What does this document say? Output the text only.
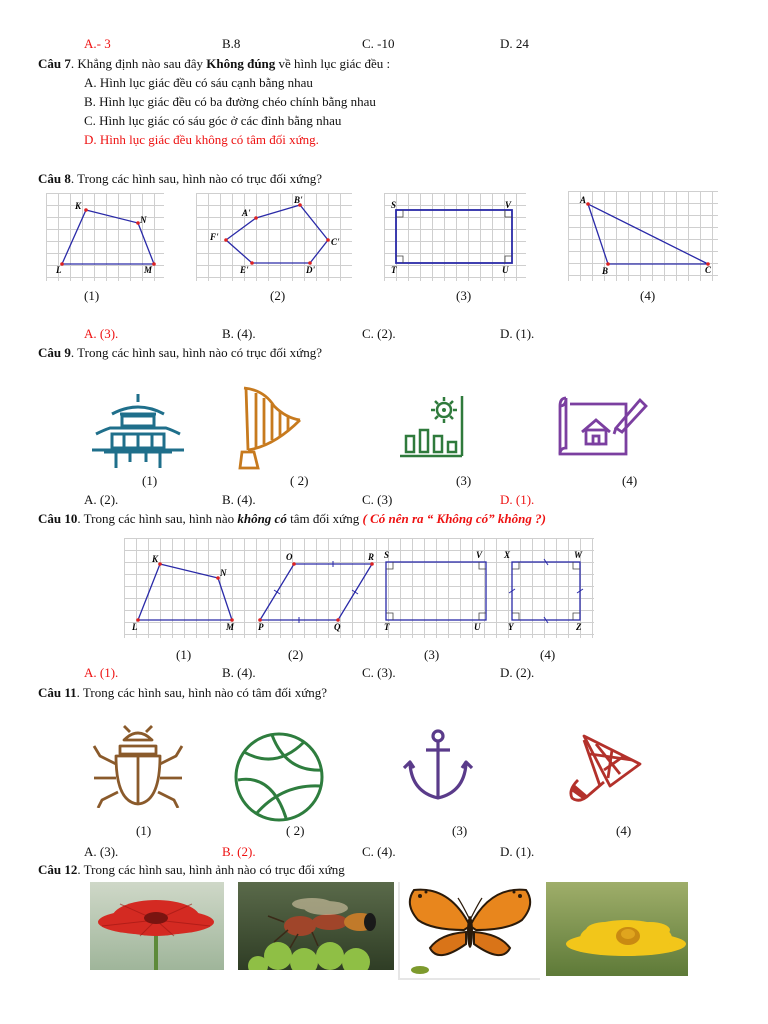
A.- 3	B.8	C. -10	D. 24
Câu 7. Khẳng định nào sau đây Không đúng về hình lục giác đều :
A. Hình lục giác đều có sáu cạnh bằng nhau
B. Hình lục giác đều có ba đường chéo chính bằng nhau
C. Hình lục giác có sáu góc ở các đỉnh bằng nhau
D. Hình lục giác đều không có tâm đối xứng.
Câu 8. Trong các hình sau, hình nào có trục đối xứng?
K
N
L	M
A'
B'
F'	C'
E'	D'
S	V
T	U
A
B	C
(1)	(2)	(3)	(4)
A. (3).	B. (4).	C. (2).	D. (1).
Câu 9. Trong các hình sau, hình nào có trục đối xứng?
(1)	( 2)	(3)	(4)
A. (2).	B. (4).	C. (3)	D. (1).
Câu 10. Trong các hình sau, hình nào không có tâm đối xứng ( Có nên ra “ Không có” không ?)
K
N
L	M
O	R
P	Q
S	V
T	U
X	W
Y	Z
(1)	(2)	(3)	(4)
A. (1).	B. (4).	C. (3).	D. (2).
Câu 11. Trong các hình sau, hình nào có tâm đối xứng?
(1)	( 2)	(3)	(4)
A. (3).	B. (2).	C. (4).	D. (1).
Câu 12. Trong các hình sau, hình ảnh nào có trục đối xứng
